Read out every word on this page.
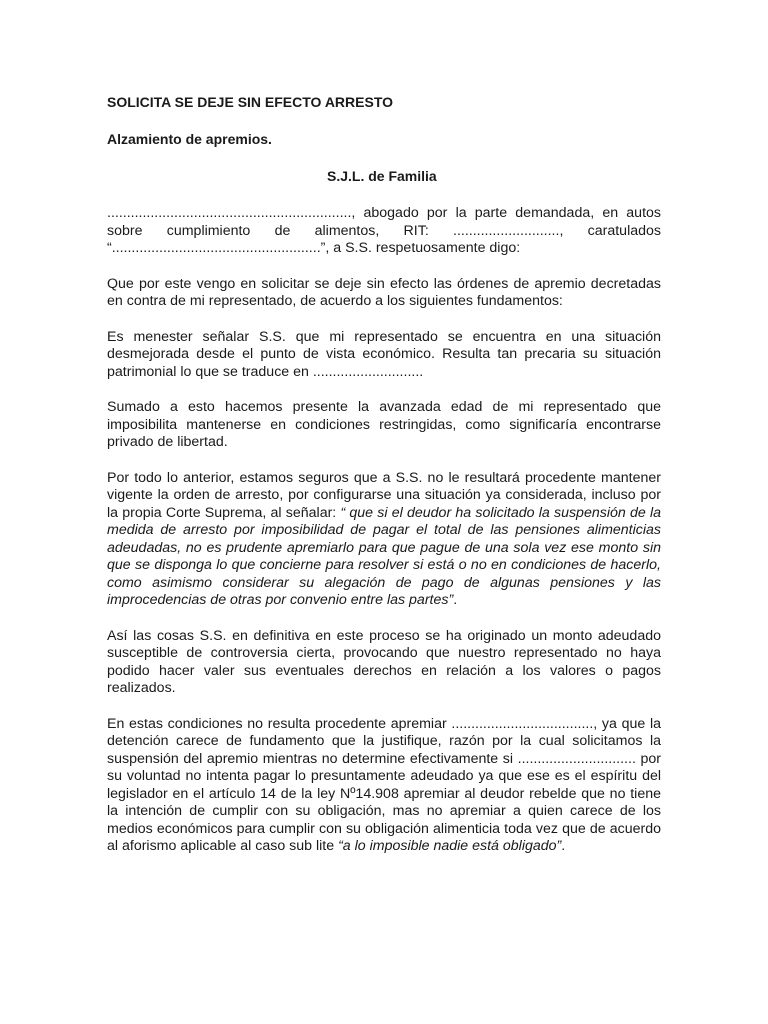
SOLICITA SE DEJE SIN EFECTO ARRESTO

Alzamiento de apremios.

S.J.L. de Familia

.............................................................., abogado por la parte demandada, en autos sobre cumplimiento de alimentos, RIT: ..........................., caratulados “.....................................................”, a S.S. respetuosamente digo:

Que por este vengo en solicitar se deje sin efecto las órdenes de apremio decretadas en contra de mi representado, de acuerdo a los siguientes fundamentos:

Es menester señalar S.S. que mi representado se encuentra en una situación desmejorada desde el punto de vista económico. Resulta tan precaria su situación patrimonial lo que se traduce en ............................

Sumado a esto hacemos presente la avanzada edad de mi representado que imposibilita mantenerse en condiciones restringidas, como significaría encontrarse privado de libertad.

Por todo lo anterior, estamos seguros que a S.S. no le resultará procedente mantener vigente la orden de arresto, por configurarse una situación ya considerada, incluso por la propia Corte Suprema, al señalar: “ que si el deudor ha solicitado la suspensión de la medida de arresto por imposibilidad de pagar el total de las pensiones alimenticias adeudadas, no es prudente apremiarlo para que pague de una sola vez ese monto sin que se disponga lo que concierne para resolver si está o no en condiciones de hacerlo, como asimismo considerar su alegación de pago de algunas pensiones y las improcedencias de otras por convenio entre las partes”.

Así las cosas S.S. en definitiva en este proceso se ha originado un monto adeudado susceptible de controversia cierta, provocando que nuestro representado no haya podido hacer valer sus eventuales derechos en relación a los valores o pagos realizados.

En estas condiciones no resulta procedente apremiar ...................................., ya que la detención carece de fundamento que la justifique, razón por la cual solicitamos la suspensión del apremio mientras no determine efectivamente si .............................. por su voluntad no intenta pagar lo presuntamente adeudado ya que ese es el espíritu del legislador en el artículo 14 de la ley Nº14.908 apremiar al deudor rebelde que no tiene la intención de cumplir con su obligación, mas no apremiar a quien carece de los medios económicos para cumplir con su obligación alimenticia toda vez que de acuerdo al aforismo aplicable al caso sub lite “a lo imposible nadie está obligado”.
